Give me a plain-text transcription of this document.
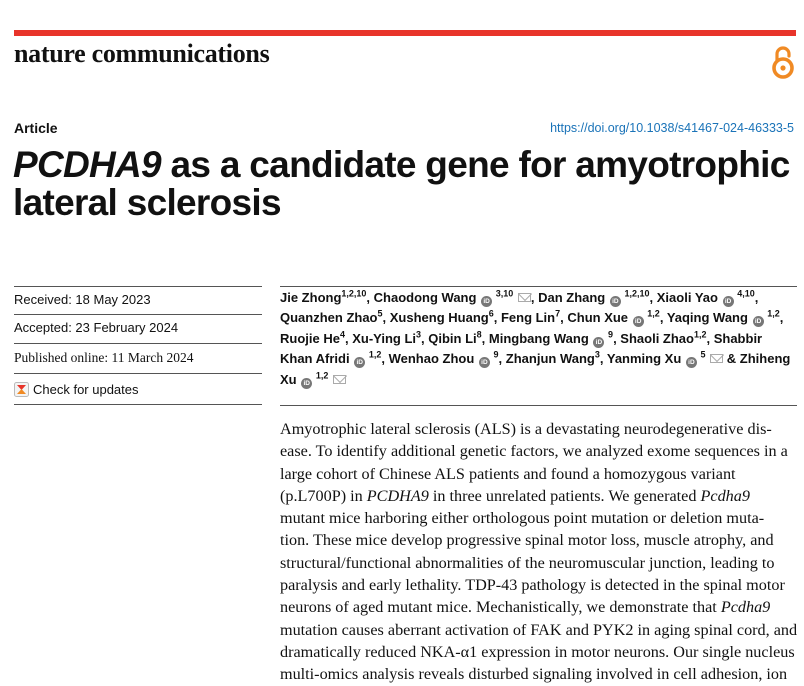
nature communications
Article	https://doi.org/10.1038/s41467-024-46333-5
PCDHA9 as a candidate gene for amyotrophic
lateral sclerosis
Received: 18 May 2023
Accepted: 23 February 2024
Published online: 11 March 2024
Check for updates
Jie Zhong$^{1,2,10}$, Chaodong Wang iD $^{3,10}$ , Dan Zhang iD $^{1,2,10}$, Xiaoli Yao iD $^{4,10}$, Quanzhen Zhao$^5$, Xusheng Huang$^6$, Feng Lin$^7$, Chun Xue iD $^{1,2}$, Yaqing Wang iD $^{1,2}$, Ruojie He$^4$, Xu-Ying Li$^3$, Qibin Li$^8$, Mingbang Wang iD $^9$, Shaoli Zhao$^{1,2}$, Shabbir Khan Afridi iD $^{1,2}$, Wenhao Zhou iD $^9$, Zhanjun Wang$^3$, Yanming Xu iD $^5$  & Zhiheng Xu iD $^{1,2}$

Amyotrophic lateral sclerosis (ALS) is a devastating neurodegenerative dis-
ease. To identify additional genetic factors, we analyzed exome sequences in a
large cohort of Chinese ALS patients and found a homozygous variant
(p.L700P) in PCDHA9 in three unrelated patients. We generated Pcdha9
mutant mice harboring either orthologous point mutation or deletion muta-
tion. These mice develop progressive spinal motor loss, muscle atrophy, and
structural/functional abnormalities of the neuromuscular junction, leading to
paralysis and early lethality. TDP-43 pathology is detected in the spinal motor
neurons of aged mutant mice. Mechanistically, we demonstrate that Pcdha9
mutation causes aberrant activation of FAK and PYK2 in aging spinal cord, and
dramatically reduced NKA-α1 expression in motor neurons. Our single nucleus
multi-omics analysis reveals disturbed signaling involved in cell adhesion, ion
